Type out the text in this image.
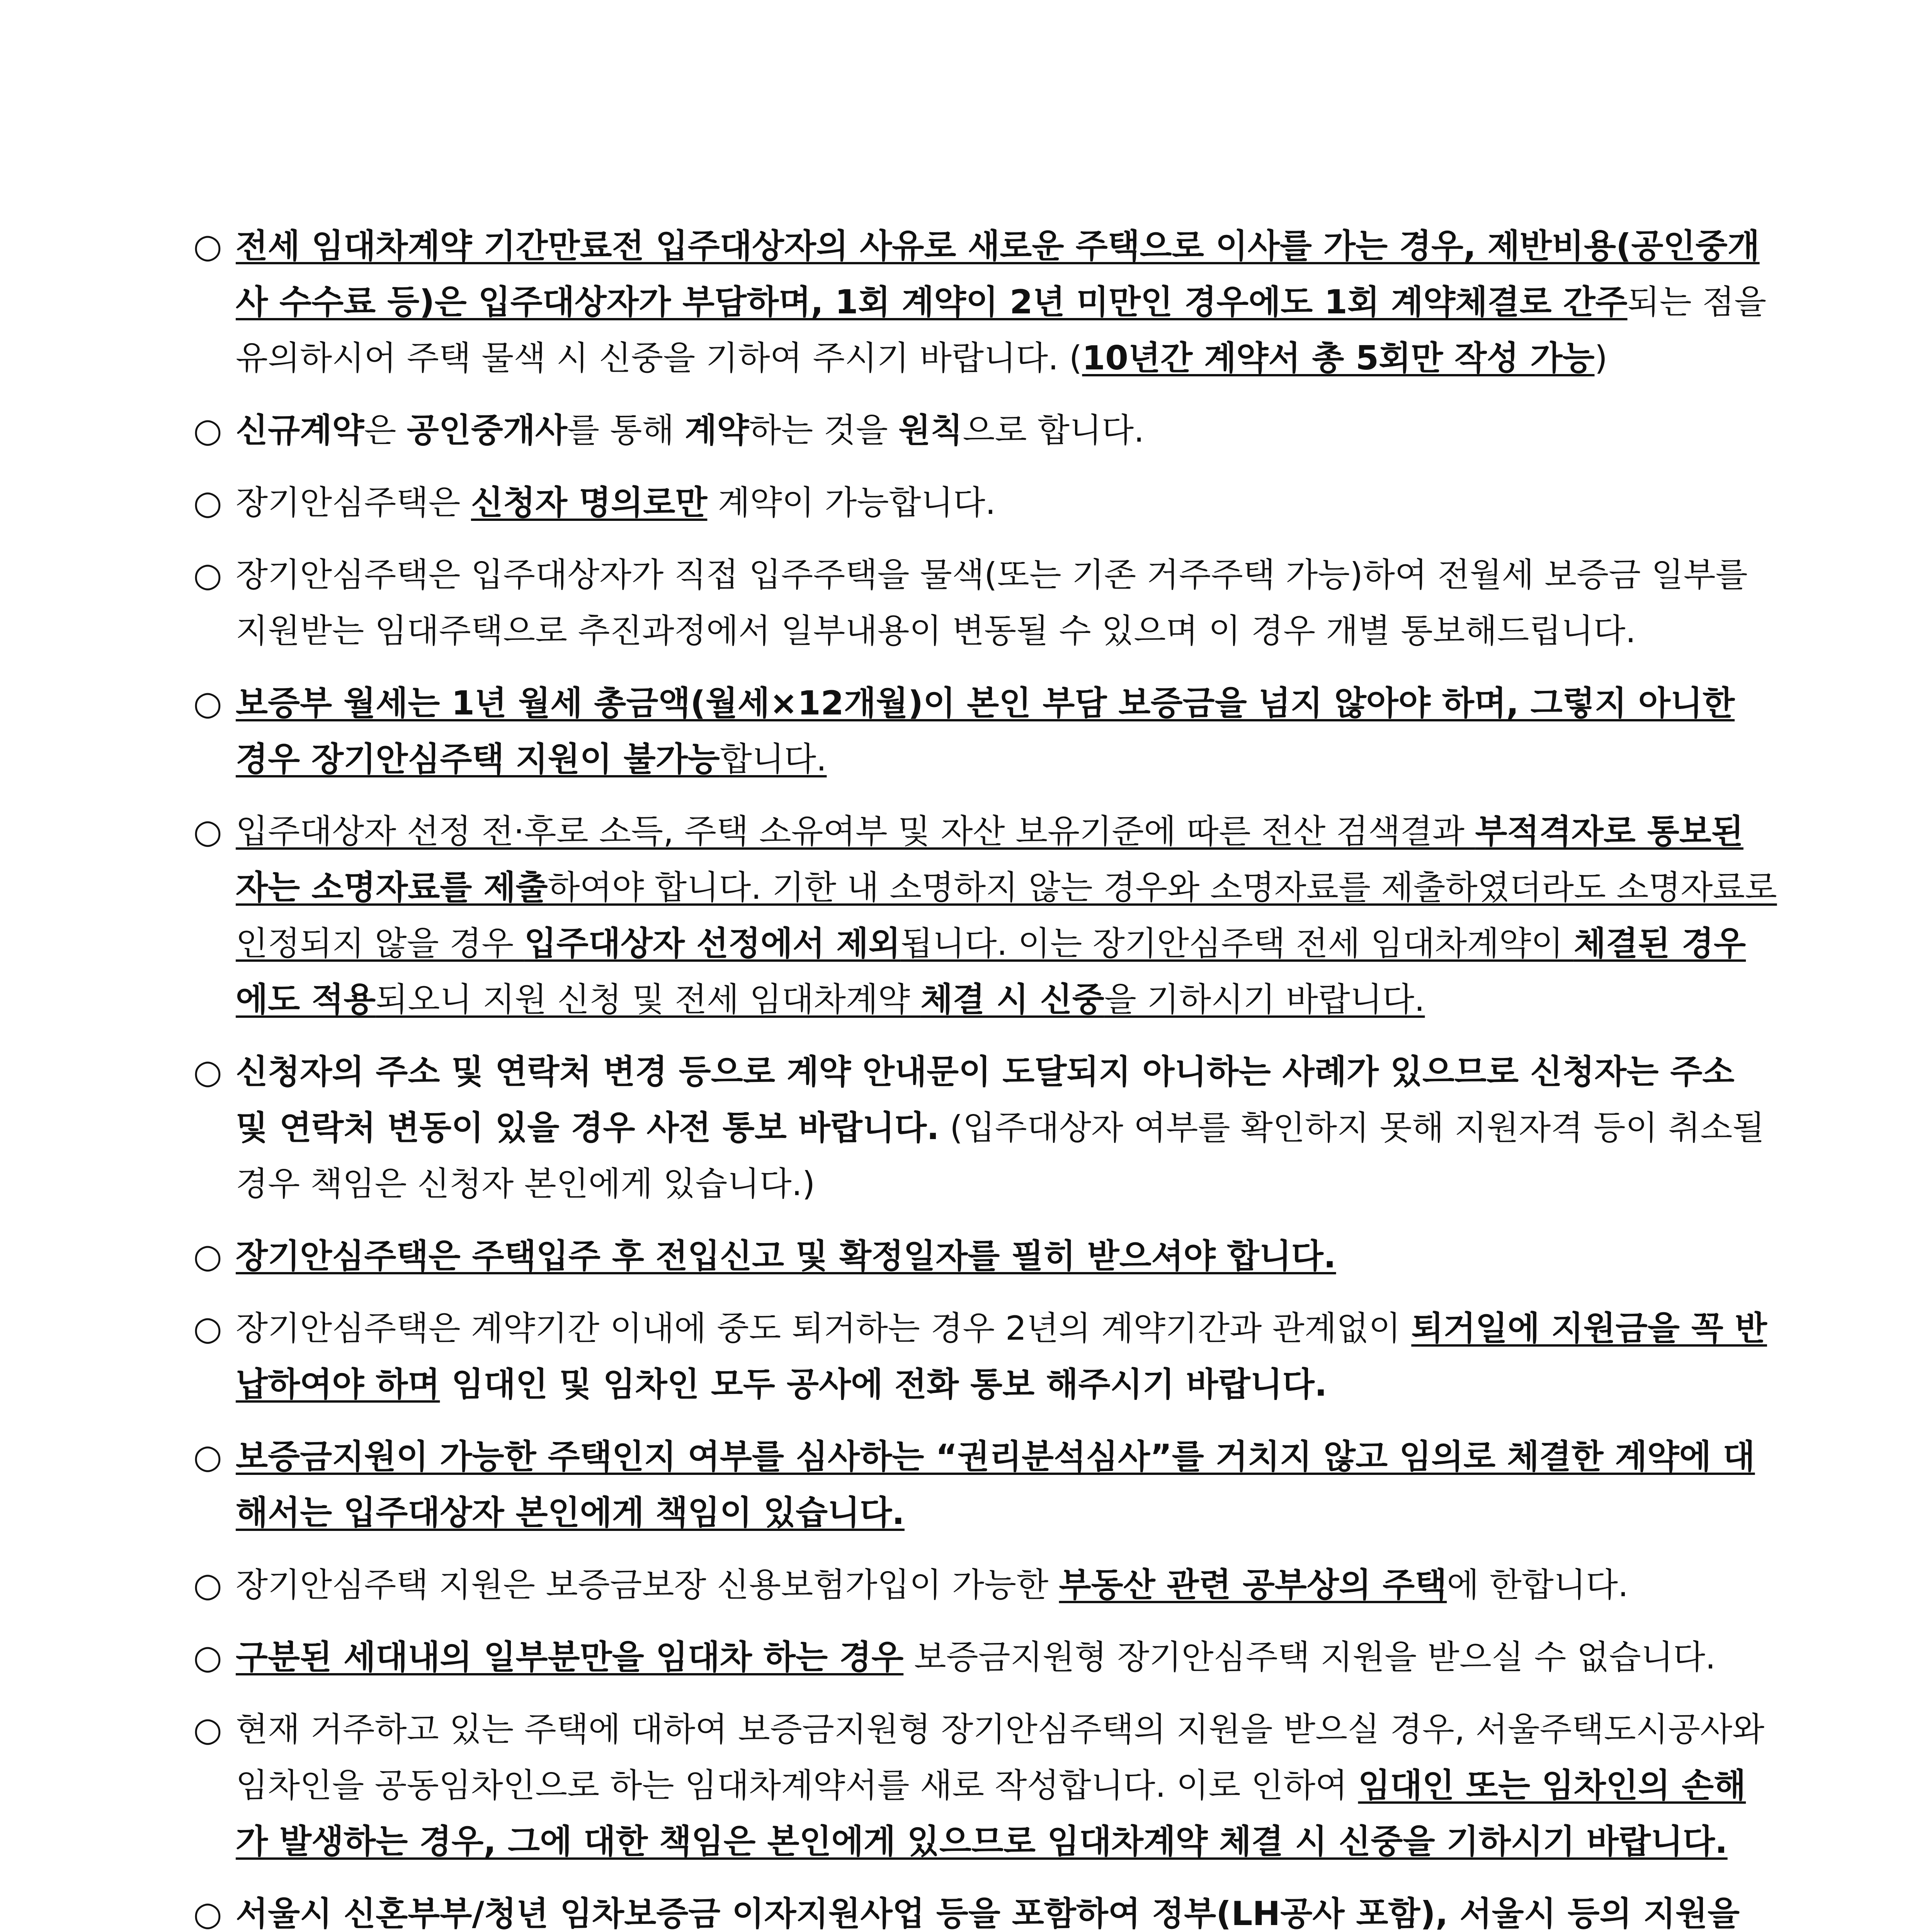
○ 전세 임대차계약 기간만료전 입주대상자의 사유로 새로운 주택으로 이사를 가는 경우, 제반비용(공인중개사 수수료 등)은 입주대상자가 부담하며, 1회 계약이 2년 미만인 경우에도 1회 계약체결로 간주되는 점을 유의하시어 주택 물색 시 신중을 기하여 주시기 바랍니다. (10년간 계약서 총 5회만 작성 가능)
○ 신규계약은 공인중개사를 통해 계약하는 것을 원칙으로 합니다.
○ 장기안심주택은 신청자 명의로만 계약이 가능합니다.
○ 장기안심주택은 입주대상자가 직접 입주주택을 물색(또는 기존 거주주택 가능)하여 전월세 보증금 일부를 지원받는 임대주택으로 추진과정에서 일부내용이 변동될 수 있으며 이 경우 개별 통보해드립니다.
○ 보증부 월세는 1년 월세 총금액(월세×12개월)이 본인 부담 보증금을 넘지 않아야 하며, 그렇지 아니한 경우 장기안심주택 지원이 불가능합니다.
○ 입주대상자 선정 전·후로 소득, 주택 소유여부 및 자산 보유기준에 따른 전산 검색결과 부적격자로 통보된 자는 소명자료를 제출하여야 합니다. 기한 내 소명하지 않는 경우와 소명자료를 제출하였더라도 소명자료로 인정되지 않을 경우 입주대상자 선정에서 제외됩니다. 이는 장기안심주택 전세 임대차계약이 체결된 경우에도 적용되오니 지원 신청 및 전세 임대차계약 체결 시 신중을 기하시기 바랍니다.
○ 신청자의 주소 및 연락처 변경 등으로 계약 안내문이 도달되지 아니하는 사례가 있으므로 신청자는 주소 및 연락처 변동이 있을 경우 사전 통보 바랍니다. (입주대상자 여부를 확인하지 못해 지원자격 등이 취소될 경우 책임은 신청자 본인에게 있습니다.)
○ 장기안심주택은 주택입주 후 전입신고 및 확정일자를 필히 받으셔야 합니다.
○ 장기안심주택은 계약기간 이내에 중도 퇴거하는 경우 2년의 계약기간과 관계없이 퇴거일에 지원금을 꼭 반납하여야 하며 임대인 및 임차인 모두 공사에 전화 통보 해주시기 바랍니다.
○ 보증금지원이 가능한 주택인지 여부를 심사하는 “권리분석심사”를 거치지 않고 임의로 체결한 계약에 대해서는 입주대상자 본인에게 책임이 있습니다.
○ 장기안심주택 지원은 보증금보장 신용보험가입이 가능한 부동산 관련 공부상의 주택에 한합니다.
○ 구분된 세대내의 일부분만을 임대차 하는 경우 보증금지원형 장기안심주택 지원을 받으실 수 없습니다.
○ 현재 거주하고 있는 주택에 대하여 보증금지원형 장기안심주택의 지원을 받으실 경우, 서울주택도시공사와 임차인을 공동임차인으로 하는 임대차계약서를 새로 작성합니다. 이로 인하여 임대인 또는 임차인의 손해가 발생하는 경우, 그에 대한 책임은 본인에게 있으므로 임대차계약 체결 시 신중을 기하시기 바랍니다.
○ 서울시 신혼부부/청년 임차보증금 이자지원사업 등을 포함하여 정부(LH공사 포함), 서울시 등의 지원을
